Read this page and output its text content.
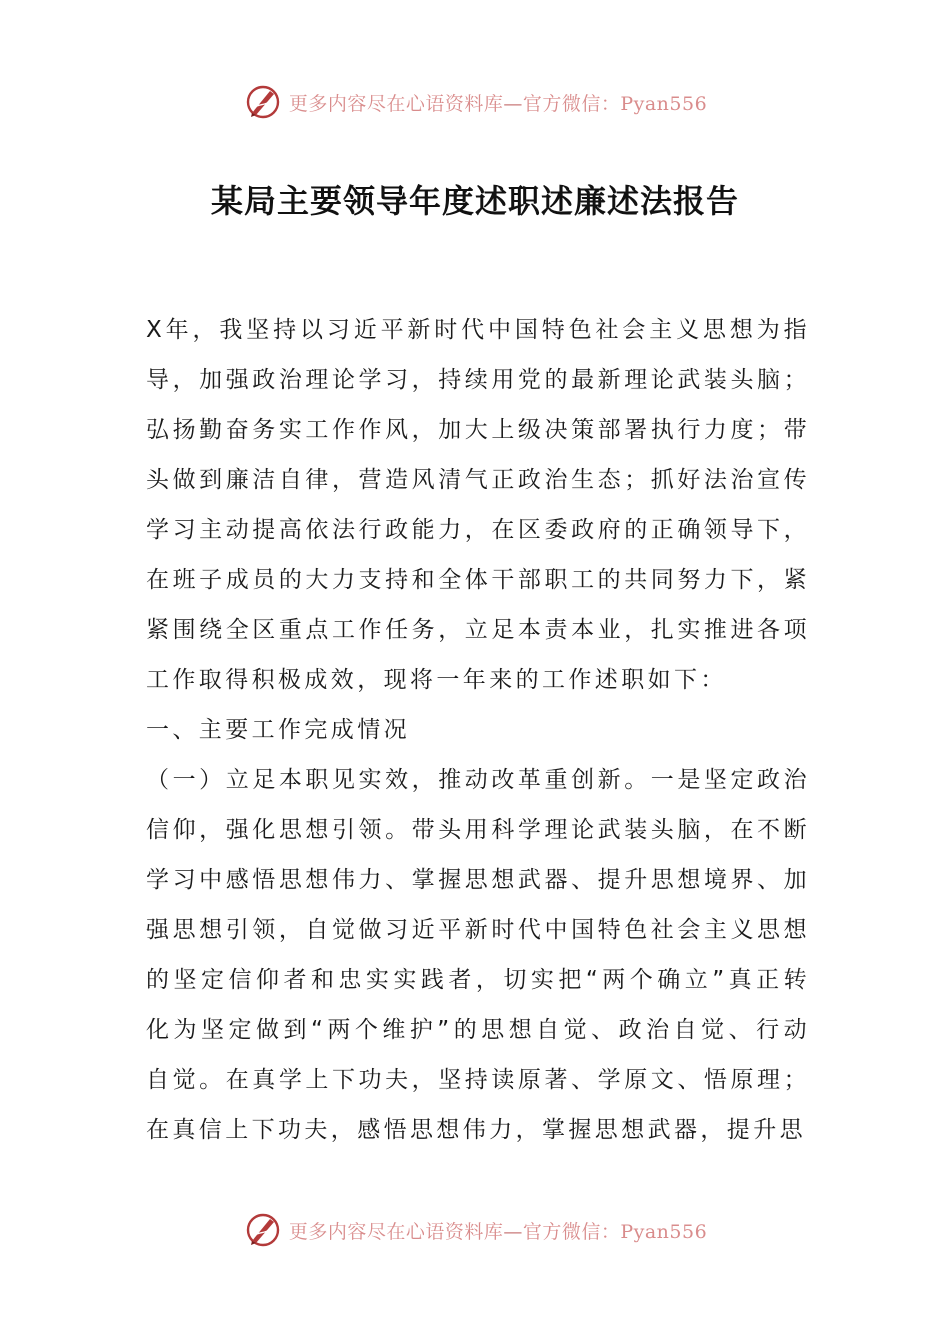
更多内容尽在心语资料库—官方微信：Pyan556
某局主要领导年度述职述廉述法报告

X年，我坚持以习近平新时代中国特色社会主义思想为指导，加强政治理论学习，持续用党的最新理论武装头脑；弘扬勤奋务实工作作风，加大上级决策部署执行力度；带头做到廉洁自律，营造风清气正政治生态；抓好法治宣传学习主动提高依法行政能力，在区委政府的正确领导下，在班子成员的大力支持和全体干部职工的共同努力下，紧紧围绕全区重点工作任务，立足本责本业，扎实推进各项工作取得积极成效，现将一年来的工作述职如下：

一、主要工作完成情况

（一）立足本职见实效，推动改革重创新。一是坚定政治信仰，强化思想引领。带头用科学理论武装头脑，在不断学习中感悟思想伟力、掌握思想武器、提升思想境界、加强思想引领，自觉做习近平新时代中国特色社会主义思想的坚定信仰者和忠实实践者，切实把“两个确立”真正转化为坚定做到“两个维护”的思想自觉、政治自觉、行动自觉。在真学上下功夫，坚持读原著、学原文、悟原理；在真信上下功夫，感悟思想伟力，掌握思想武器，提升思

更多内容尽在心语资料库—官方微信：Pyan556
